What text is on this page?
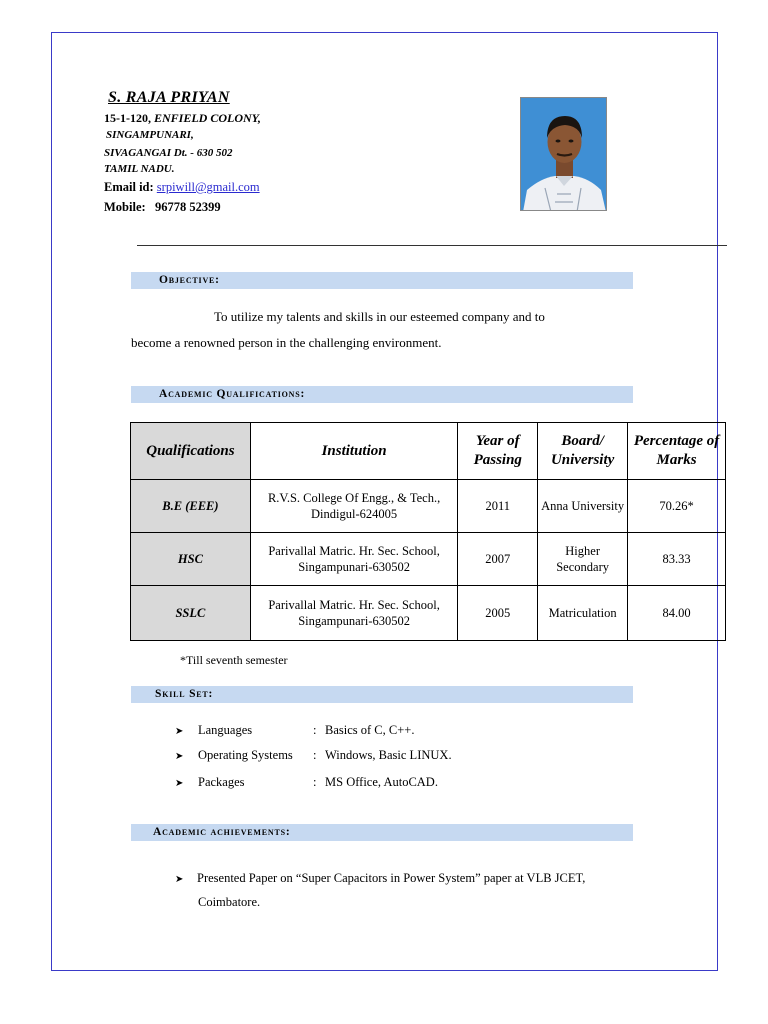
S. RAJA PRIYAN
15-1-120, ENFIELD COLONY,
SINGAMPUNARI,
SIVAGANGAI Dt. - 630 502
TAMIL NADU.
Email id: srpiwill@gmail.com
Mobile: 96778 52399
Objective:
To utilize my talents and skills in our esteemed company and to
become a renowned person in the challenging environment.
Academic Qualifications:
Qualifications	Institution	Year of Passing	Board/ University	Percentage of Marks
B.E (EEE)	R.V.S. College Of Engg., & Tech., Dindigul-624005	2011	Anna University	70.26*
HSC	Parivallal Matric. Hr. Sec. School, Singampunari-630502	2007	Higher Secondary	83.33
SSLC	Parivallal Matric. Hr. Sec. School, Singampunari-630502	2005	Matriculation	84.00
*Till seventh semester
Skill Set:
➤ Languages	: Basics of C, C++.
➤ Operating Systems : Windows, Basic LINUX.
➤ Packages	: MS Office, AutoCAD.
Academic achievements:
➤ Presented Paper on “Super Capacitors in Power System” paper at VLB JCET,
Coimbatore.
